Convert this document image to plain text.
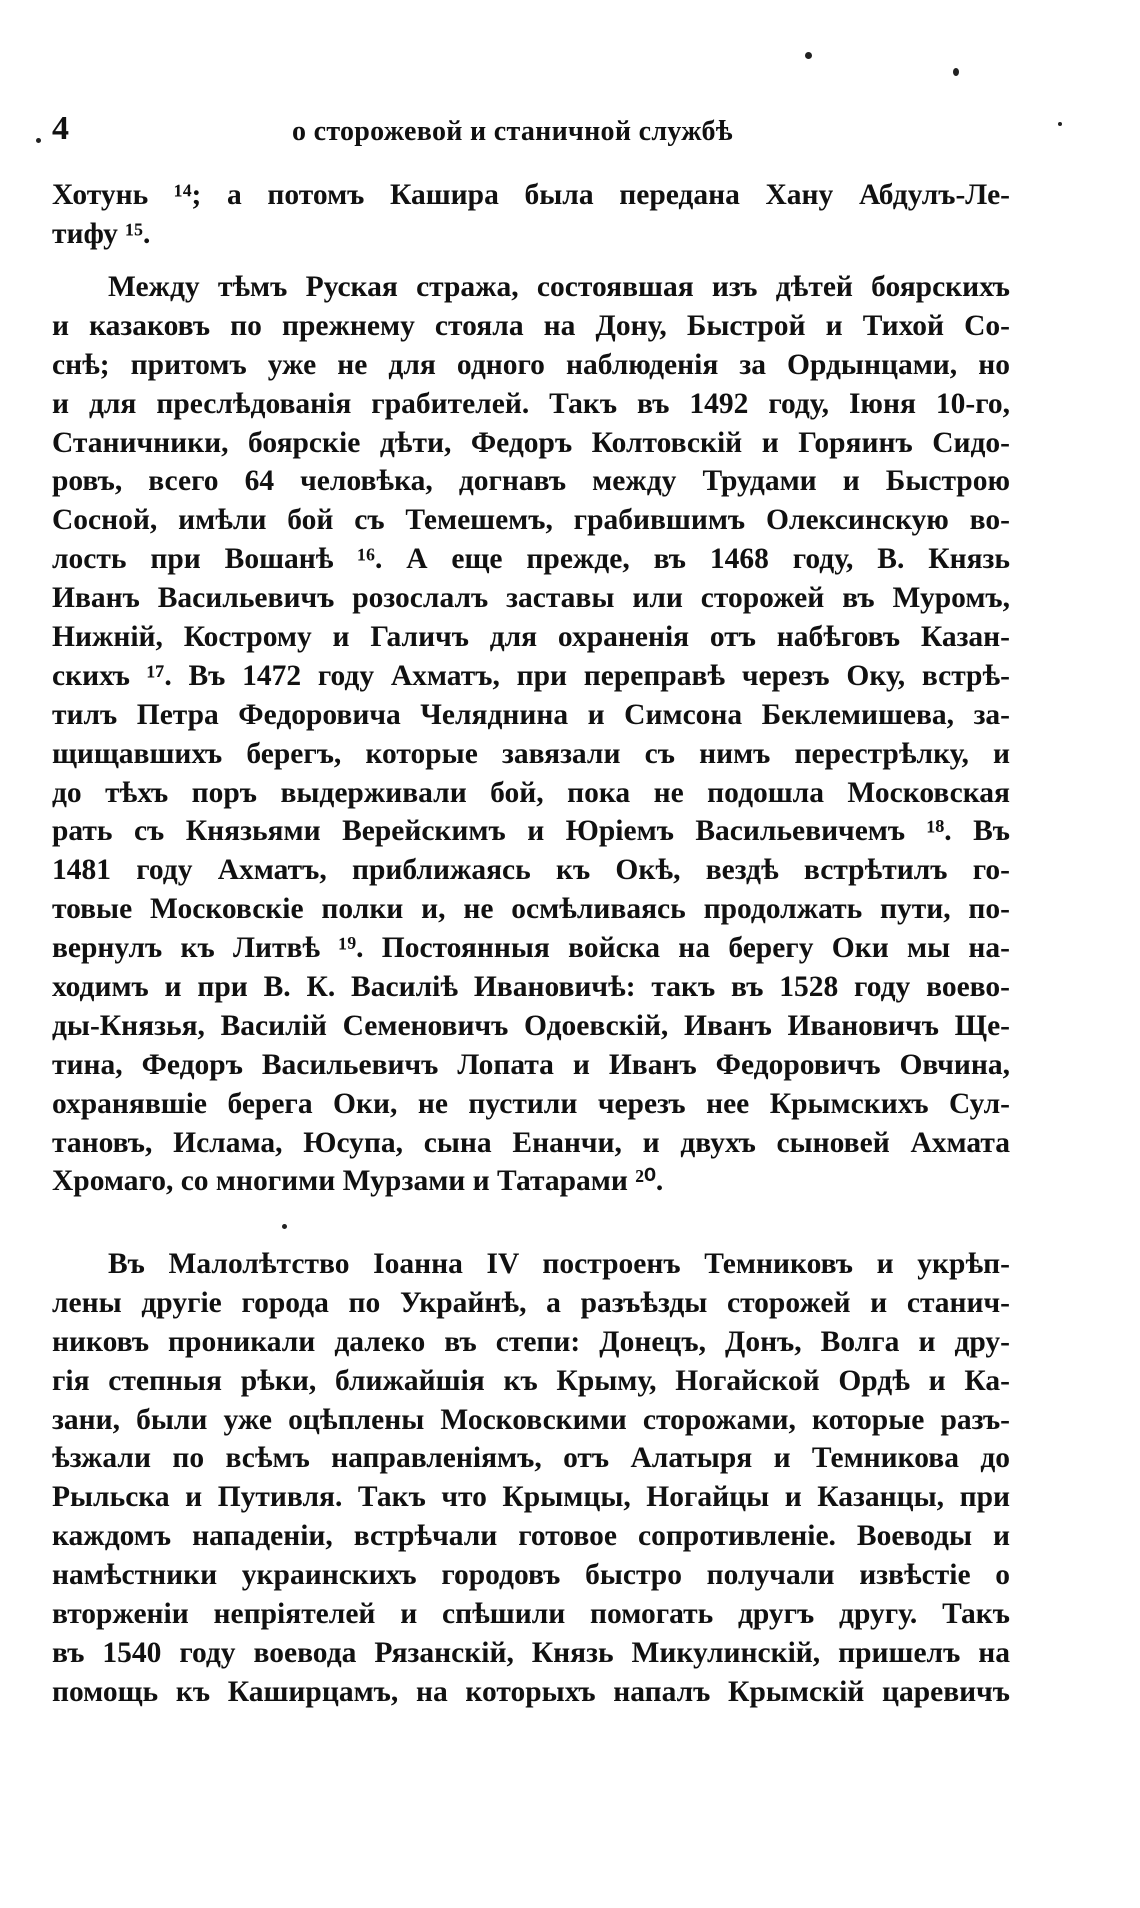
4	о сторожевой и станичной службѣ
Хотунь ¹⁴; а потомъ Кашира была передана Хану Абдулъ-Ле-
тифу ¹⁵.
Между тѣмъ Руская стража, состоявшая изъ дѣтей боярскихъ
и казаковъ по прежнему стояла на Дону, Быстрой и Тихой Со-
снѣ; притомъ уже не для одного наблюденія за Ордынцами, но
и для преслѣдованія грабителей. Такъ въ 1492 году, Іюня 10-го,
Станичники, боярскіе дѣти, Федоръ Колтовскій и Горяинъ Сидо-
ровъ, всего 64 человѣка, догнавъ между Трудами и Быстрою
Сосной, имѣли бой съ Темешемъ, грабившимъ Олексинскую во-
лость при Вошанѣ ¹⁶. А еще прежде, въ 1468 году, В. Князь
Иванъ Васильевичъ розослалъ заставы или сторожей въ Муромъ,
Нижній, Кострому и Галичъ для охраненія отъ набѣговъ Казан-
скихъ ¹⁷. Въ 1472 году Ахматъ, при переправѣ черезъ Оку, встрѣ-
тилъ Петра Федоровича Челяднина и Симсона Беклемишева, за-
щищавшихъ берегъ, которые завязали съ нимъ перестрѣлку, и
до тѣхъ поръ выдерживали бой, пока не подошла Московская
рать съ Князьями Верейскимъ и Юріемъ Васильевичемъ ¹⁸. Въ
1481 году Ахматъ, приближаясь къ Окѣ, вездѣ встрѣтилъ го-
товые Московскіе полки и, не осмѣливаясь продолжать пути, по-
вернулъ къ Литвѣ ¹⁹. Постоянныя войска на берегу Оки мы на-
ходимъ и при В. К. Василіѣ Ивановичѣ: такъ въ 1528 году воево-
ды-Князья, Василій Семеновичъ Одоевскій, Иванъ Ивановичъ Ще-
тина, Федоръ Васильевичъ Лопата и Иванъ Федоровичъ Овчина,
охранявшіе берега Оки, не пустили черезъ нее Крымскихъ Сул-
тановъ, Ислама, Юсупа, сына Енанчи, и двухъ сыновей Ахмата
Хромаго, со многими Мурзами и Татарами ²⁰.
Въ Малолѣтство Іоанна IV построенъ Темниковъ и укрѣп-
лены другіе города по Украйнѣ, а разъѣзды сторожей и станич-
никовъ проникали далеко въ степи: Донецъ, Донъ, Волга и дру-
гія степныя рѣки, ближайшія къ Крыму, Ногайской Ордѣ и Ка-
зани, были уже оцѣплены Московскими сторожами, которые разъ-
ѣзжали по всѣмъ направленіямъ, отъ Алатыря и Темникова до
Рыльска и Путивля. Такъ что Крымцы, Ногайцы и Казанцы, при
каждомъ нападеніи, встрѣчали готовое сопротивленіе. Воеводы и
намѣстники украинскихъ городовъ быстро получали извѣстіе о
вторженіи непріятелей и спѣшили помогать другъ другу. Такъ
въ 1540 году воевода Рязанскій, Князь Микулинскій, пришелъ на
помощь къ Каширцамъ, на которыхъ напалъ Крымскій царевичъ
